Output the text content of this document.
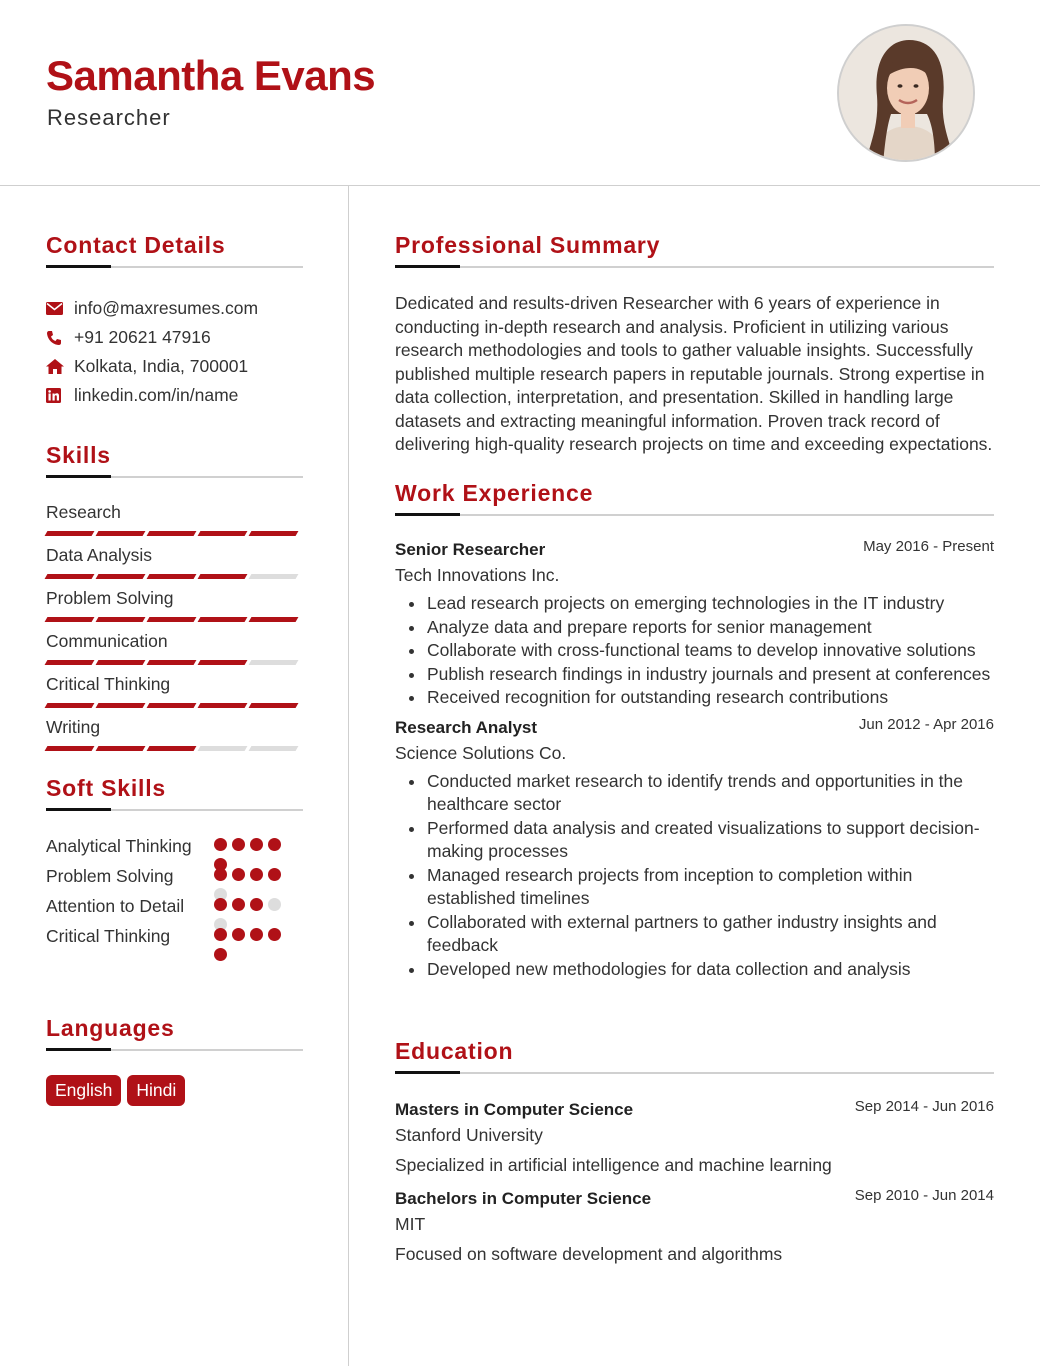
Samantha Evans
Researcher
Contact Details
info@maxresumes.com
+91 20621 47916
Kolkata, India, 700001
linkedin.com/in/name
Skills
Research
Data Analysis
Problem Solving
Communication
Critical Thinking
Writing
Soft Skills
Analytical Thinking
Problem Solving
Attention to Detail
Critical Thinking
Languages
English Hindi
Professional Summary
Dedicated and results-driven Researcher with 6 years of experience in conducting in-depth research and analysis. Proficient in utilizing various research methodologies and tools to gather valuable insights. Successfully published multiple research papers in reputable journals. Strong expertise in data collection, interpretation, and presentation. Skilled in handling large datasets and extracting meaningful information. Proven track record of delivering high-quality research projects on time and exceeding expectations.
Work Experience
Senior Researcher	May 2016 - Present
Tech Innovations Inc.
Lead research projects on emerging technologies in the IT industry
Analyze data and prepare reports for senior management
Collaborate with cross-functional teams to develop innovative solutions
Publish research findings in industry journals and present at conferences
Received recognition for outstanding research contributions
Research Analyst	Jun 2012 - Apr 2016
Science Solutions Co.
Conducted market research to identify trends and opportunities in the healthcare sector
Performed data analysis and created visualizations to support decision-making processes
Managed research projects from inception to completion within established timelines
Collaborated with external partners to gather industry insights and feedback
Developed new methodologies for data collection and analysis
Education
Masters in Computer Science	Sep 2014 - Jun 2016
Stanford University
Specialized in artificial intelligence and machine learning
Bachelors in Computer Science	Sep 2010 - Jun 2014
MIT
Focused on software development and algorithms
